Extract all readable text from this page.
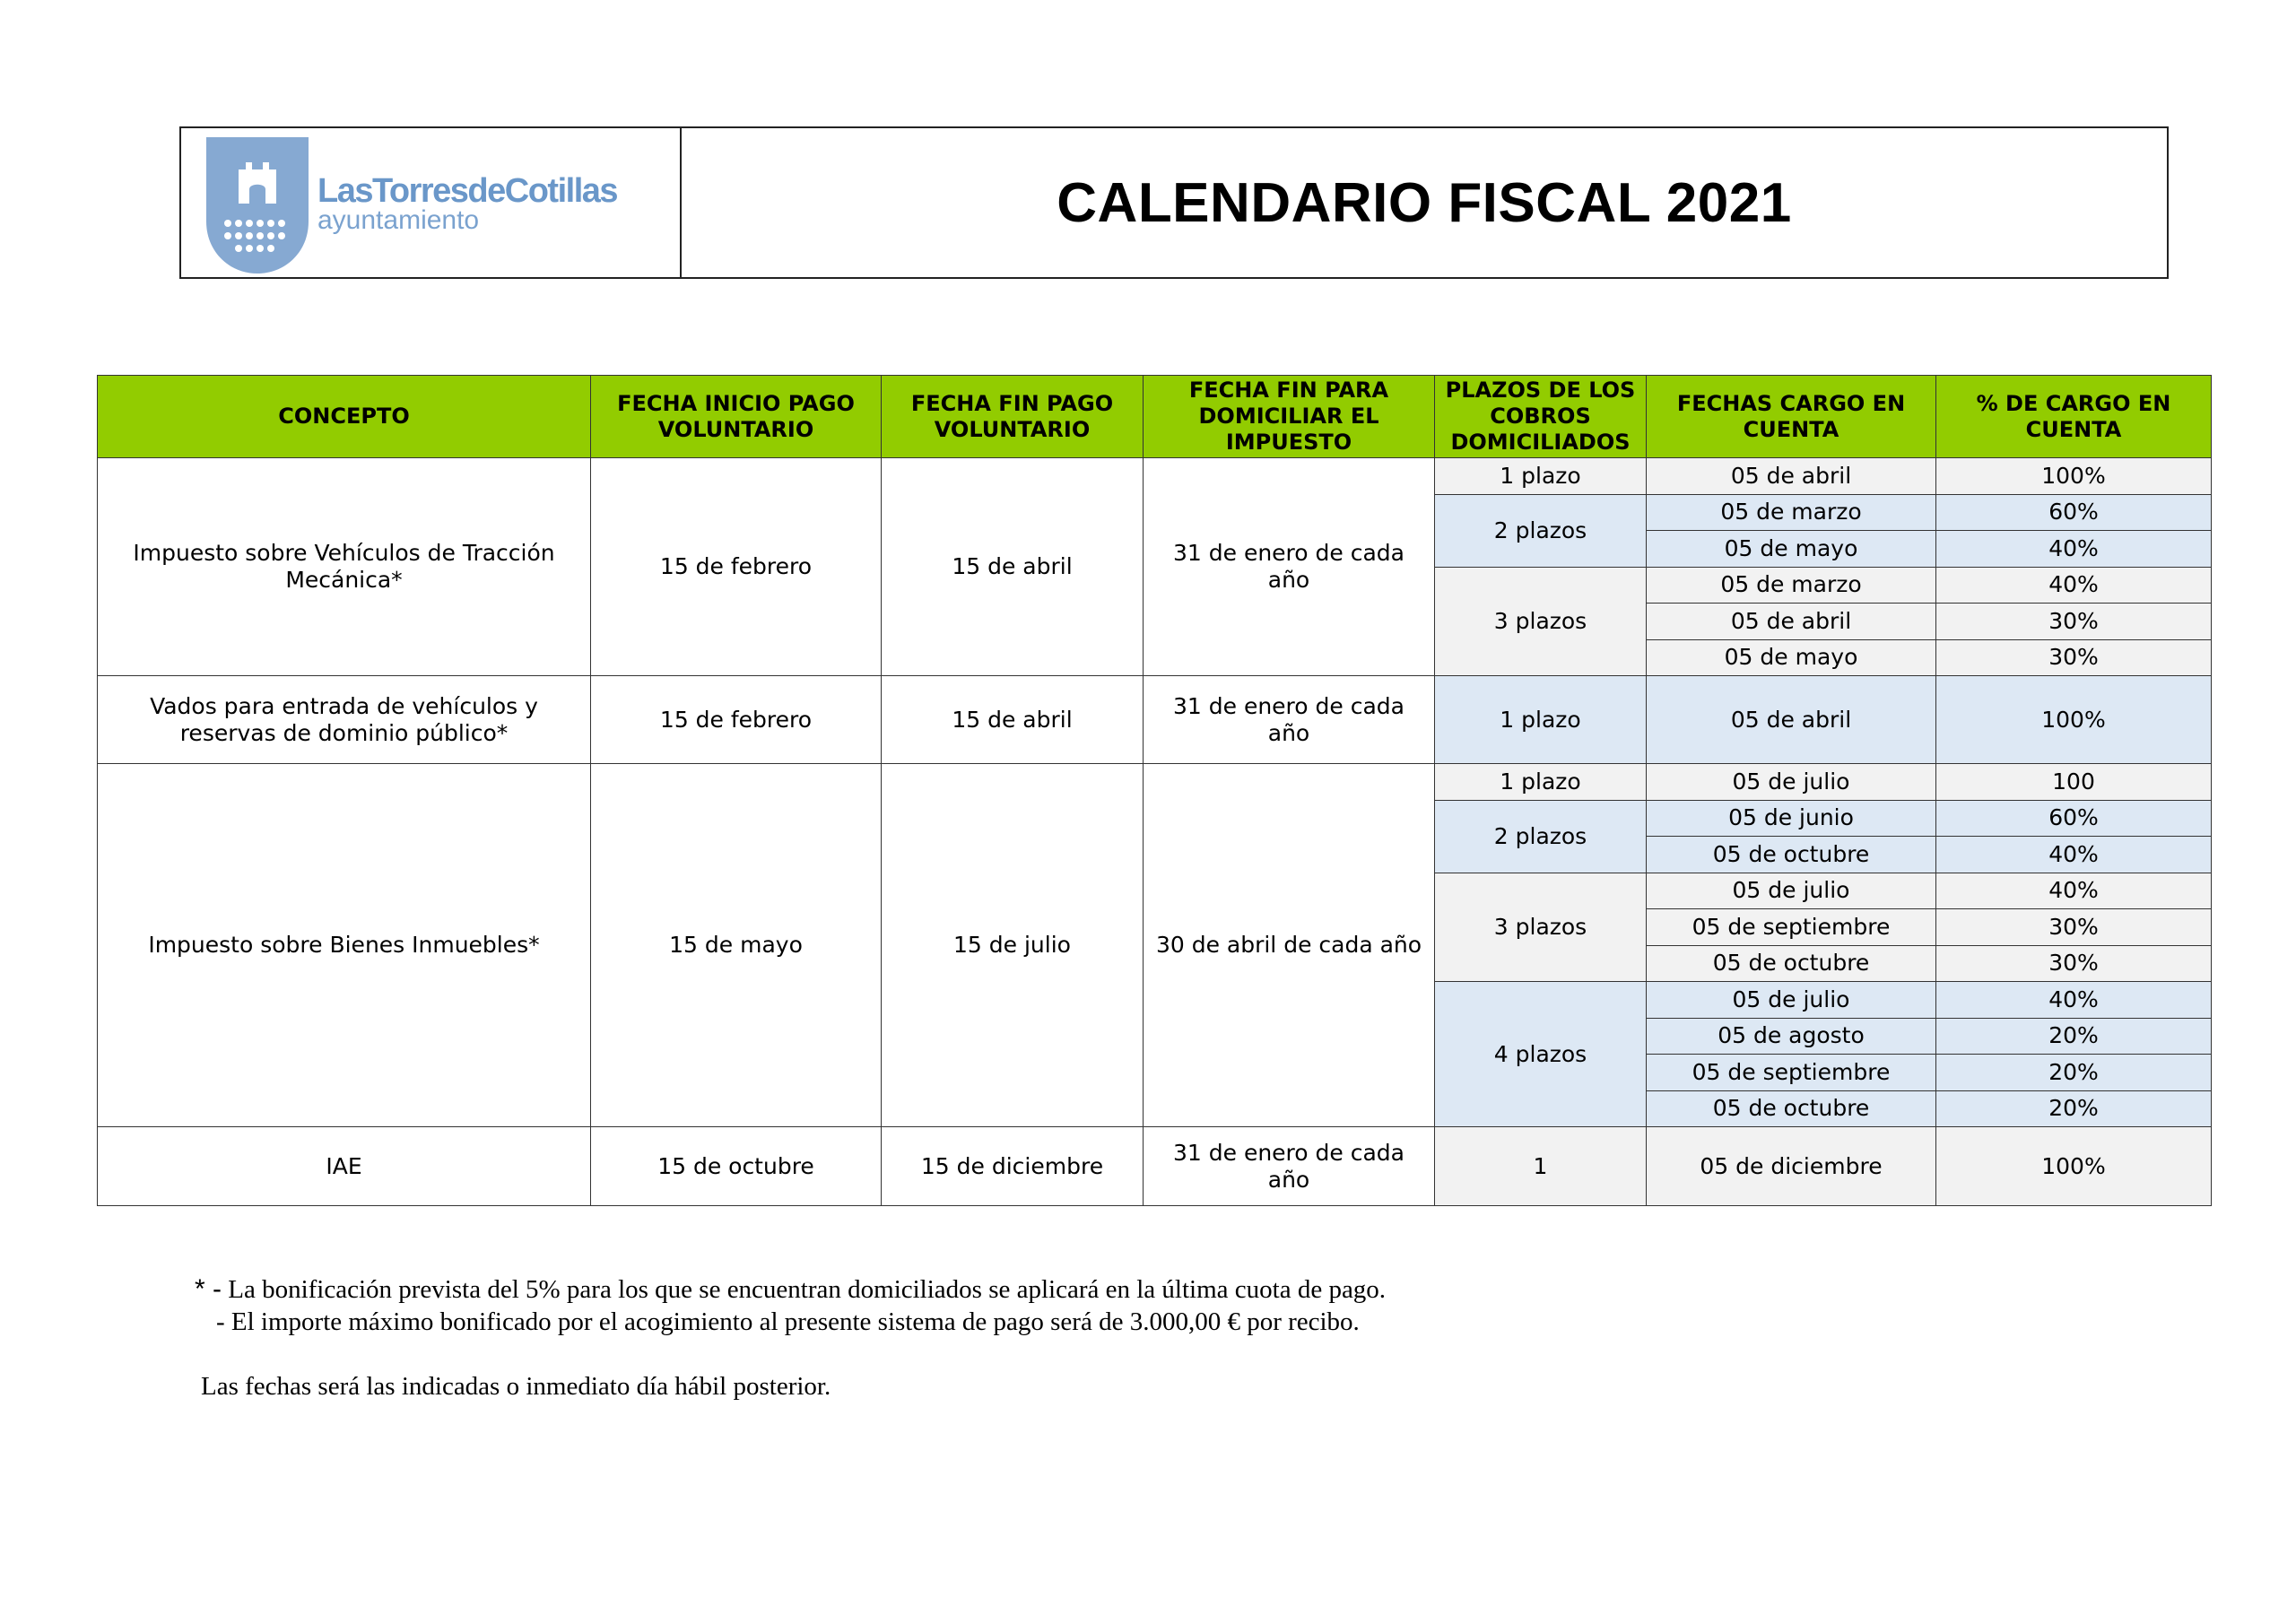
LasTorresdeCotillas
ayuntamiento	CALENDARIO FISCAL 2021
CONCEPTO	FECHA INICIO PAGO VOLUNTARIO	FECHA FIN PAGO VOLUNTARIO	FECHA FIN PARA DOMICILIAR EL IMPUESTO	PLAZOS DE LOS COBROS DOMICILIADOS	FECHAS CARGO EN CUENTA	% DE CARGO EN CUENTA
Impuesto sobre Vehículos de Tracción Mecánica*	15 de febrero	15 de abril	31 de enero de cada año	1 plazo	05 de abril	100%
				2 plazos	05 de marzo	60%
					05 de mayo	40%
				3 plazos	05 de marzo	40%
					05 de abril	30%
					05 de mayo	30%
Vados para entrada de vehículos y reservas de dominio público*	15 de febrero	15 de abril	31 de enero de cada año	1 plazo	05 de abril	100%
Impuesto sobre Bienes Inmuebles*	15 de mayo	15 de julio	30 de abril de cada año	1 plazo	05 de julio	100
				2 plazos	05 de junio	60%
					05 de octubre	40%
				3 plazos	05 de julio	40%
					05 de septiembre	30%
					05 de octubre	30%
				4 plazos	05 de julio	40%
					05 de agosto	20%
					05 de septiembre	20%
					05 de octubre	20%
IAE	15 de octubre	15 de diciembre	31 de enero de cada año	1	05 de diciembre	100%
* - La bonificación prevista del 5% para los que se encuentran domiciliados se aplicará en la última cuota de pago.
- El importe máximo bonificado por el acogimiento al presente sistema de pago será de 3.000,00 € por recibo.
Las fechas será las indicadas o inmediato día hábil posterior.
